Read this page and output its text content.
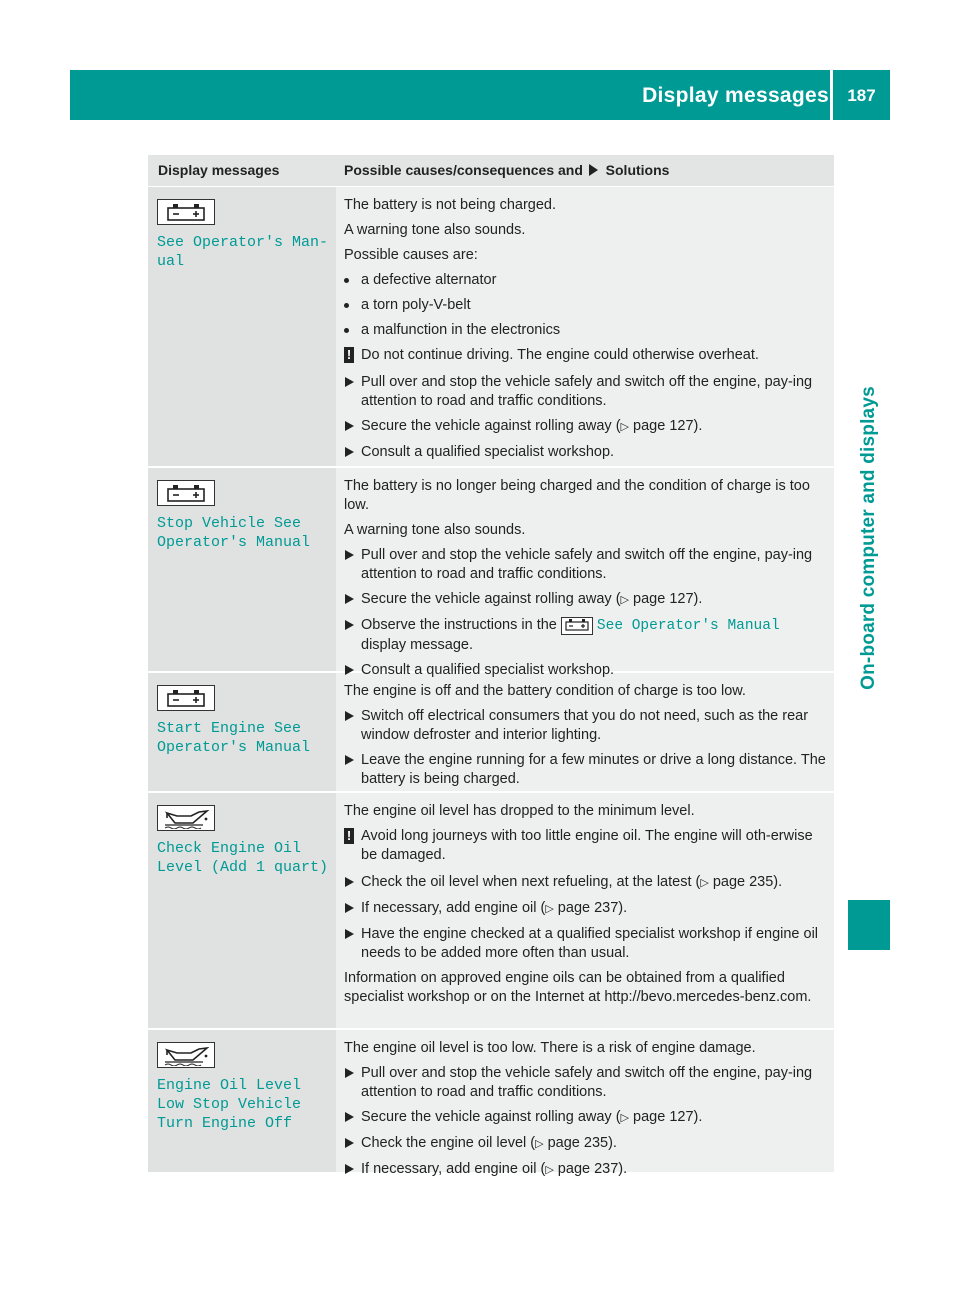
Display messages	187
On-board computer and displays
Display messages	Possible causes/consequences and Solutions
See Operator's Man‐
ual

The battery is not being charged.

A warning tone also sounds.

Possible causes are:

a defective alternator
a torn poly-V-belt
a malfunction in the electronics
! Do not continue driving. The engine could otherwise overheat.
Pull over and stop the vehicle safely and switch off the engine, pay-ing attention to road and traffic conditions.
Secure the vehicle against rolling away (▷ page 127).
Consult a qualified specialist workshop.
Stop Vehicle See
Operator's Manual

The battery is no longer being charged and the condition of charge is too low.

A warning tone also sounds.

Pull over and stop the vehicle safely and switch off the engine, pay-ing attention to road and traffic conditions.
Secure the vehicle against rolling away (▷ page 127).
Observe the instructions in the	See Operator's Manual
display message.
Consult a qualified specialist workshop.
Start Engine See
Operator's Manual

The engine is off and the battery condition of charge is too low.

Switch off electrical consumers that you do not need, such as the rear window defroster and interior lighting.
Leave the engine running for a few minutes or drive a long distance. The battery is being charged.
Check Engine Oil
Level (Add 1 quart)

The engine oil level has dropped to the minimum level.

! Avoid long journeys with too little engine oil. The engine will oth-erwise be damaged.
Check the oil level when next refueling, at the latest (▷ page 235).
If necessary, add engine oil (▷ page 237).
Have the engine checked at a qualified specialist workshop if engine oil needs to be added more often than usual.

Information on approved engine oils can be obtained from a qualified specialist workshop or on the Internet at http://bevo.mercedes-benz.com.

Engine Oil Level
Low Stop Vehicle
Turn Engine Off

The engine oil level is too low. There is a risk of engine damage.

Pull over and stop the vehicle safely and switch off the engine, pay-ing attention to road and traffic conditions.
Secure the vehicle against rolling away (▷ page 127).
Check the engine oil level (▷ page 235).
If necessary, add engine oil (▷ page 237).
